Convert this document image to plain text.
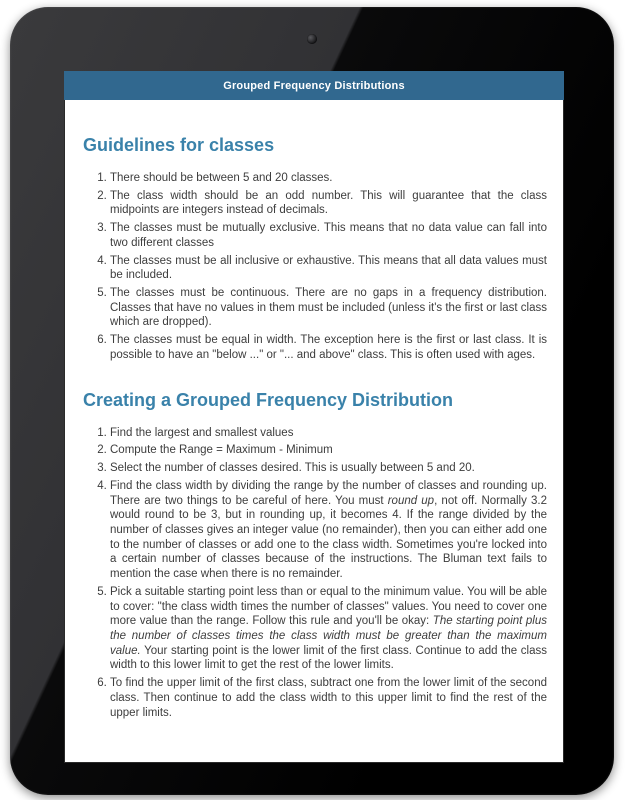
Grouped Frequency Distributions
Guidelines for classes
1. There should be between 5 and 20 classes.
2. The class width should be an odd number. This will guarantee that the class midpoints are integers instead of decimals.
3. The classes must be mutually exclusive. This means that no data value can fall into two different classes
4. The classes must be all inclusive or exhaustive. This means that all data values must be included.
5. The classes must be continuous. There are no gaps in a frequency distribution. Classes that have no values in them must be included (unless it's the first or last class which are dropped).
6. The classes must be equal in width. The exception here is the first or last class. It is possible to have an "below ..." or "... and above" class. This is often used with ages.
Creating a Grouped Frequency Distribution
1. Find the largest and smallest values
2. Compute the Range = Maximum - Minimum
3. Select the number of classes desired. This is usually between 5 and 20.
4. Find the class width by dividing the range by the number of classes and rounding up. There are two things to be careful of here. You must round up, not off. Normally 3.2 would round to be 3, but in rounding up, it becomes 4. If the range divided by the number of classes gives an integer value (no remainder), then you can either add one to the number of classes or add one to the class width. Sometimes you're locked into a certain number of classes because of the instructions. The Bluman text fails to mention the case when there is no remainder.
5. Pick a suitable starting point less than or equal to the minimum value. You will be able to cover: "the class width times the number of classes" values. You need to cover one more value than the range. Follow this rule and you'll be okay: The starting point plus the number of classes times the class width must be greater than the maximum value. Your starting point is the lower limit of the first class. Continue to add the class width to this lower limit to get the rest of the lower limits.
6. To find the upper limit of the first class, subtract one from the lower limit of the second class. Then continue to add the class width to this upper limit to find the rest of the upper limits.
